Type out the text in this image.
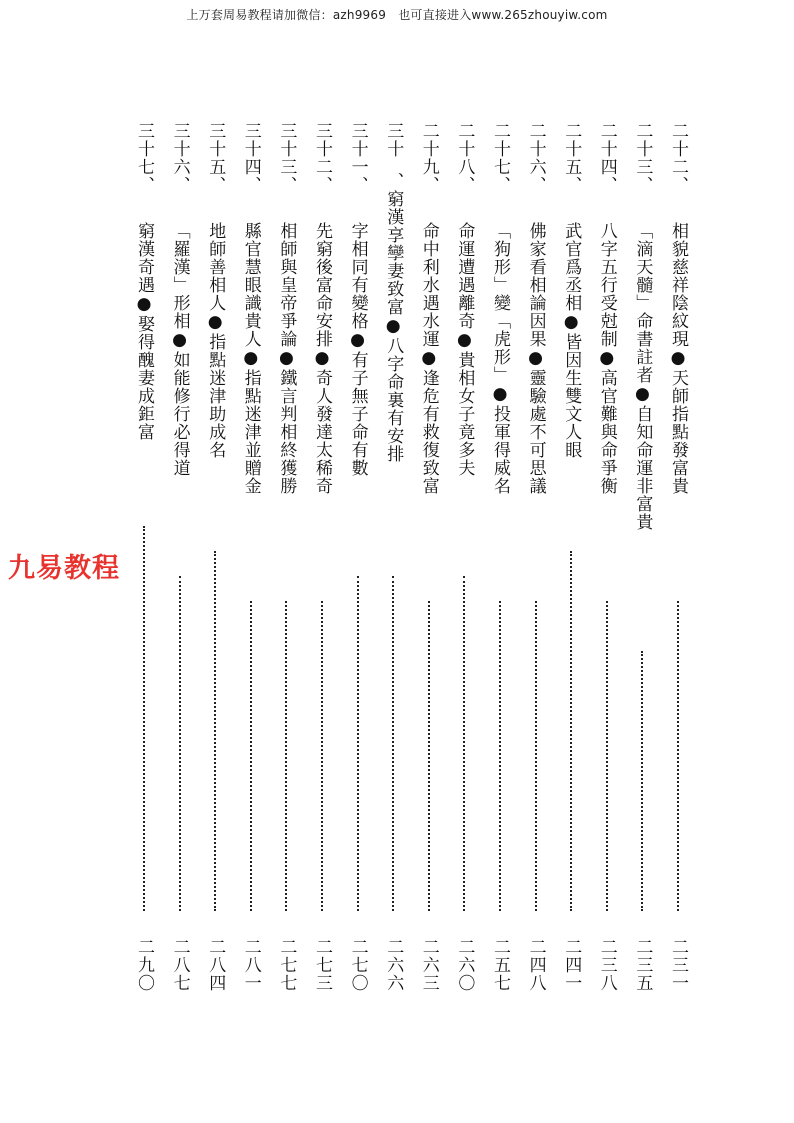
上万套周易教程请加微信：azh9969　也可直接进入www.265zhouyiw.com
九易教程
二十二、
相貌慈祥陰紋現●天師指點發富貴
二三一
二十三、
「滴天髓」命書註者●自知命運非富貴
二三五
二十四、
八字五行受尅制●高官難與命爭衡
二三八
二十五、
武官爲丞相●皆因生雙文人眼
二四一
二十六、
佛家看相論因果●靈驗處不可思議
二四八
二十七、
「狗形」變「虎形」●投軍得威名
二五七
二十八、
命運遭遇離奇●貴相女子竟多夫
二六〇
二十九、
命中利水遇水運●逢危有救復致富
二六三
三十
、窮漢享孿妻致富●八字命裏有安排
二六六
三十一、
字相同有變格●有子無子命有數
二七〇
三十二、
先窮後富命安排●奇人發達太稀奇
二七三
三十三、
相師與皇帝爭論●鐵言判相終獲勝
二七七
三十四、
縣官慧眼識貴人●指點迷津並贈金
二八一
三十五、
地師善相人●指點迷津助成名
二八四
三十六、
「羅漢」形相●如能修行必得道
二八七
三十七、
窮漢奇遇●娶得醜妻成鉅富
二九〇
